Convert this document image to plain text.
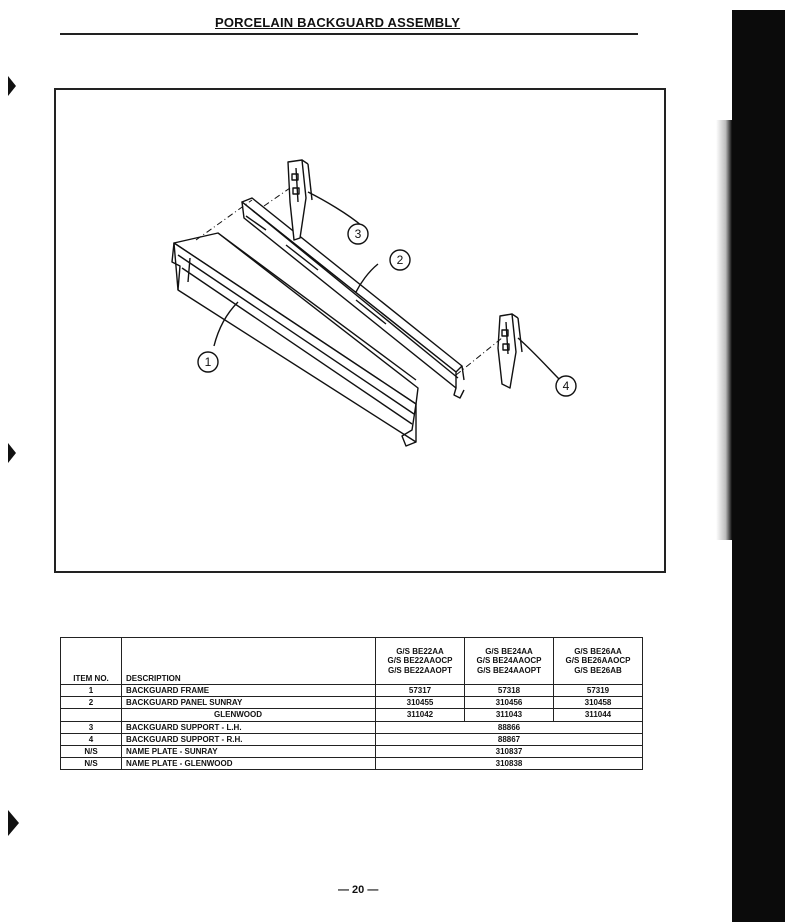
PORCELAIN BACKGUARD ASSEMBLY
3
2
1
4
ITEM NO.	DESCRIPTION	G/S BE22AA
G/S BE22AAOCP
G/S BE22AAOPT	G/S BE24AA
G/S BE24AAOCP
G/S BE24AAOPT	G/S BE26AA
G/S BE26AAOCP
G/S BE26AB

1	BACKGUARD FRAME	57317	57318	57319
2	BACKGUARD PANEL SUNRAY	310455	310456	310458
	GLENWOOD	311042	311043	311044
3	BACKGUARD SUPPORT - L.H.	88866		
4	BACKGUARD SUPPORT - R.H.	88867		
N/S	NAME PLATE - SUNRAY	310837		
N/S	NAME PLATE - GLENWOOD	310838		
— 20 —
